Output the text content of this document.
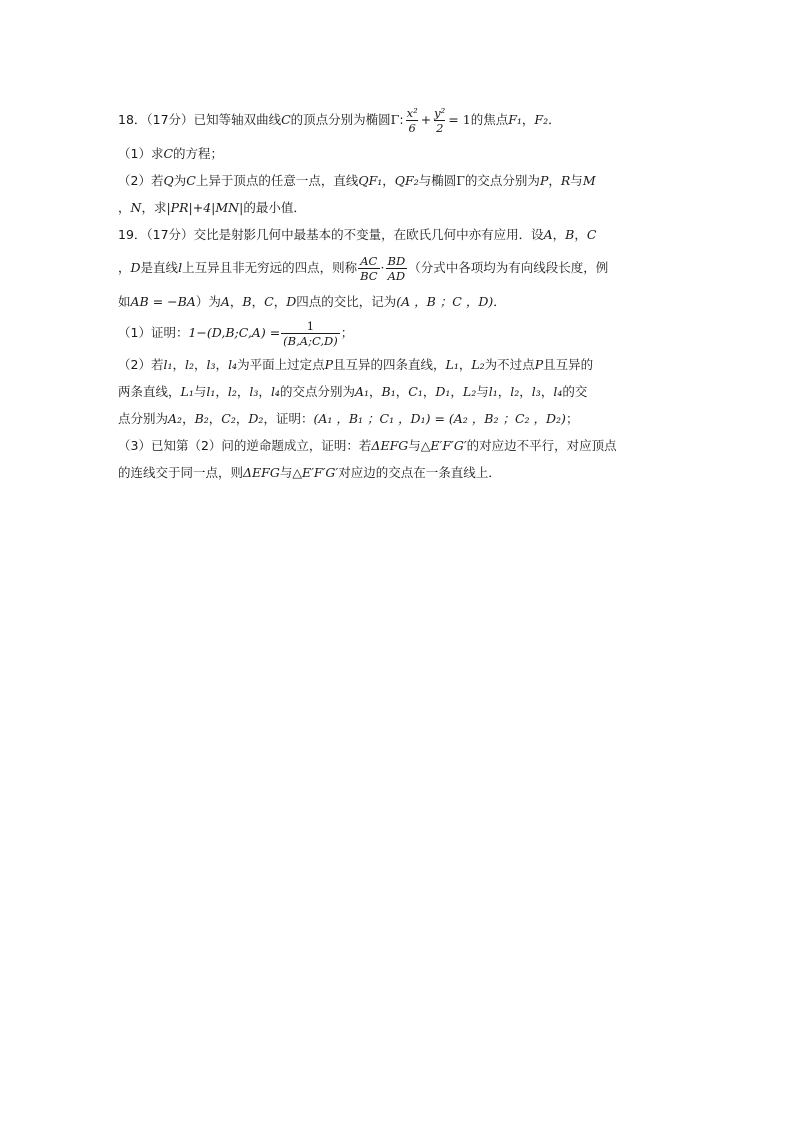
18．（17分）已知等轴双曲线C的顶点分别为椭圆Γ: $\frac{\text{x²}}{6} + \frac{\text{y²}}{2} = 1$的焦点F₁，F₂．
（1）求C的方程；
（2）若Q为C上异于顶点的任意一点，直线QF₁，QF₂与椭圆Γ的交点分别为P，R与M
，N，求|PR|+4|MN|的最小值．
19．（17分）交比是射影几何中最基本的不变量，在欧氏几何中亦有应用．设A，B，C
，D是直线l上互异且非无穷远的四点，则称 $\frac{AC}{BC} \cdot \frac{BD}{AD}$ （分式中各项均为有向线段长度，例
如AB = −BA）为A，B，C，D四点的交比，记为(A ，B ；C ，D)．
（1）证明：1−(D,B;C,A) = $\frac{1}{(B,A;C,D)}$ ；
（2）若l₁，l₂，l₃，l₄为平面上过定点P且互异的四条直线，L₁，L₂为不过点P且互异的
两条直线，L₁与l₁，l₂，l₃，l₄的交点分别为A₁，B₁，C₁，D₁，L₂与l₁，l₂，l₃，l₄的交
点分别为A₂，B₂，C₂，D₂，证明：(A₁ ，B₁ ；C₁ ，D₁) = (A₂ ，B₂ ；C₂ ，D₂)；
（3）已知第（2）问的逆命题成立，证明：若ΔEFG与△E′F′G′的对应边不平行，对应顶点
的连线交于同一点，则ΔEFG与△E′F′G′对应边的交点在一条直线上．
